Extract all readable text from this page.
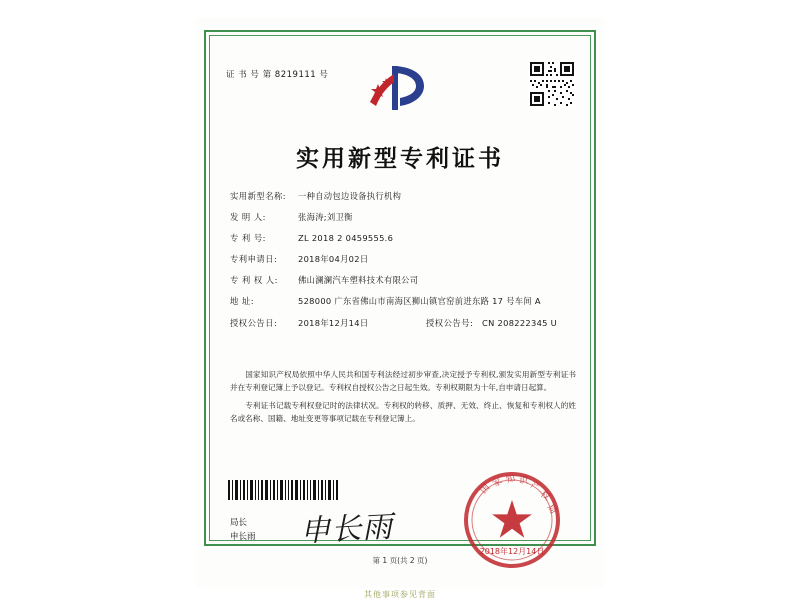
证 书 号 第 8219111 号
实用新型专利证书
实用新型名称:	一种自动包边设备执行机构
发 明 人:	张海涛;刘卫衡
专 利 号:	ZL 2018 2 0459555.6
专利申请日:	2018年04月02日
专 利 权 人:	佛山澜澜汽车塑料技术有限公司
地 址:	528000 广东省佛山市南海区狮山镇官窑前进东路 17 号车间 A
授权公告日:	2018年12月14日	授权公告号:	CN 208222345 U

国家知识产权局依照中华人民共和国专利法经过初步审查,决定授予专利权,颁发实用新型专利证书并在专利登记簿上予以登记。专利权自授权公告之日起生效。专利权期限为十年,自申请日起算。

专利证书记载专利权登记时的法律状况。专利权的转移、质押、无效、终止、恢复和专利权人的姓名或名称、国籍、地址变更等事项记载在专利登记簿上。

局长
申长雨 申长雨
国
家 知 识 产
权
局
2018年12月14日
第 1 页(共 2 页)
其他事项参见背面
